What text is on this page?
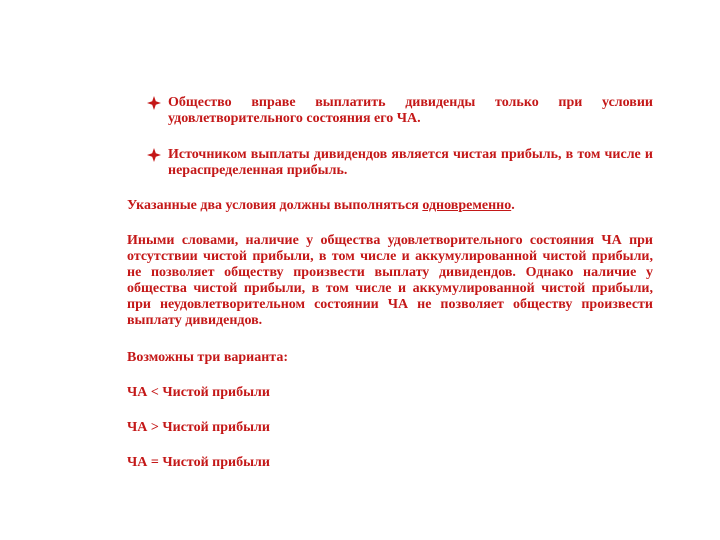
Общество вправе выплатить дивиденды только при условии удовлетворительного состояния его ЧА.
Источником выплаты дивидендов является чистая прибыль, в том числе и нераспределенная прибыль.
Указанные два условия должны выполняться одновременно.
Иными словами, наличие у общества удовлетворительного состояния ЧА при отсутствии чистой прибыли, в том числе и аккумулированной чистой прибыли, не позволяет обществу произвести выплату дивидендов. Однако наличие у общества чистой прибыли, в том числе и аккумулированной чистой прибыли, при неудовлетворительном состоянии ЧА не позволяет обществу произвести выплату дивидендов.
Возможны три варианта:
ЧА < Чистой прибыли
ЧА > Чистой прибыли
ЧА = Чистой прибыли
